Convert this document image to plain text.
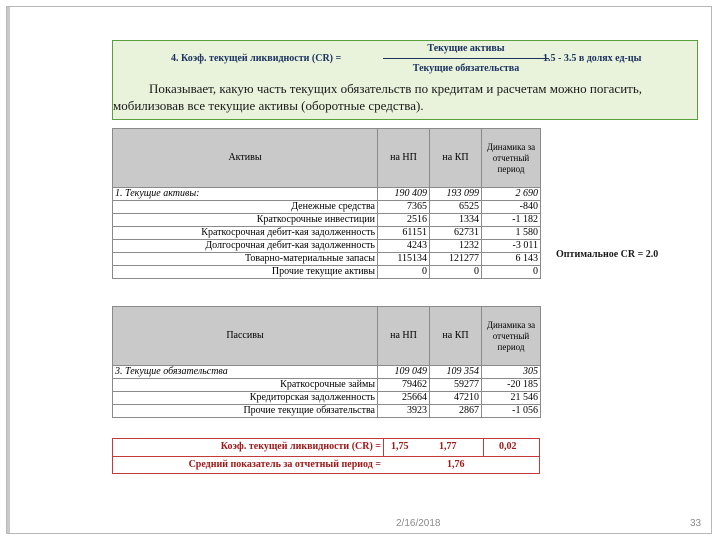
4. Коэф. текущей ликвидности (CR) =
Текущие активы
Текущие обязательства
1.5 - 3.5 в долях ед-цы
Показывает, какую часть текущих обязательств по кредитам и расчетам можно погасить, мобилизовав все текущие активы (оборотные средства).
Активы	на НП	на КП	Динамика за отчетный период
1. Текущие активы:	190 409	193 099	2 690
Денежные средства	7365	6525	-840
Краткосрочные инвестиции	2516	1334	-1 182
Краткосрочная дебит-кая задолженность	61151	62731	1 580
Долгосрочная дебит-кая задолженность	4243	1232	-3 011
Товарно-материальные запасы	115134	121277	6 143
Прочие текущие активы	0	0	0
Оптимальное CR = 2.0
Пассивы	на НП	на КП	Динамика за отчетный период
3. Текущие обязательства	109 049	109 354	305
Краткосрочные займы	79462	59277	-20 185
Кредиторская задолженность	25664	47210	21 546
Прочие текущие обязательства	3923	2867	-1 056
Коэф. текущей ликвидности (CR) = 1,75	1,77	0,02
Средний показатель за отчетный период =	1,76
2/16/2018	33
